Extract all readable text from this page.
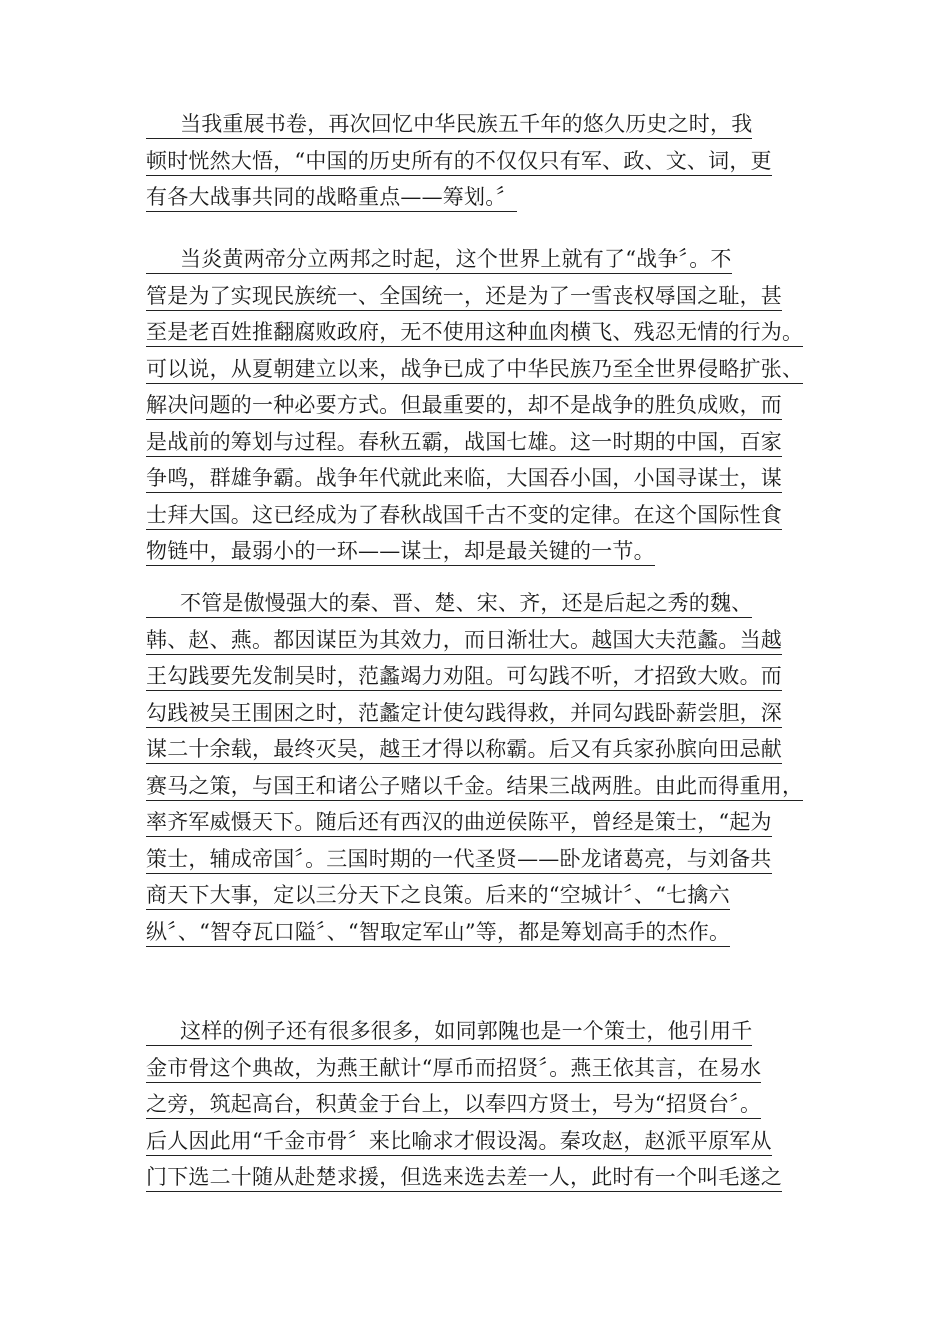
当我重展书卷，再次回忆中华民族五千年的悠久历史之时，我
顿时恍然大悟，“中国的历史所有的不仅仅只有军、政、文、词，更
有各大战事共同的战略重点——筹划。〞
当炎黄两帝分立两邦之时起，这个世界上就有了“战争〞。不
管是为了实现民族统一、全国统一，还是为了一雪丧权辱国之耻，甚
至是老百姓推翻腐败政府，无不使用这种血肉横飞、残忍无情的行为。
可以说，从夏朝建立以来，战争已成了中华民族乃至全世界侵略扩张、
解决问题的一种必要方式。但最重要的，却不是战争的胜负成败，而
是战前的筹划与过程。春秋五霸，战国七雄。这一时期的中国，百家
争鸣，群雄争霸。战争年代就此来临，大国吞小国，小国寻谋士，谋
士拜大国。这已经成为了春秋战国千古不变的定律。在这个国际性食
物链中，最弱小的一环——谋士，却是最关键的一节。
不管是傲慢强大的秦、晋、楚、宋、齐，还是后起之秀的魏、
韩、赵、燕。都因谋臣为其效力，而日渐壮大。越国大夫范蠡。当越
王勾践要先发制吴时，范蠡竭力劝阻。可勾践不听，才招致大败。而
勾践被吴王围困之时，范蠡定计使勾践得救，并同勾践卧薪尝胆，深
谋二十余载，最终灭吴，越王才得以称霸。后又有兵家孙膑向田忌献
赛马之策，与国王和诸公子赌以千金。结果三战两胜。由此而得重用，
率齐军威慑天下。随后还有西汉的曲逆侯陈平，曾经是策士，“起为
策士，辅成帝国〞。三国时期的一代圣贤——卧龙诸葛亮，与刘备共
商天下大事，定以三分天下之良策。后来的“空城计〞、“七擒六
纵〞、“智夺瓦口隘〞、“智取定军山”等，都是筹划高手的杰作。
这样的例子还有很多很多，如同郭隗也是一个策士，他引用千
金市骨这个典故，为燕王献计“厚币而招贤〞。燕王依其言，在易水
之旁，筑起高台，积黄金于台上，以奉四方贤士，号为“招贤台〞。
后人因此用“千金市骨〞来比喻求才假设渴。秦攻赵，赵派平原军从
门下选二十随从赴楚求援，但选来选去差一人，此时有一个叫毛遂之
